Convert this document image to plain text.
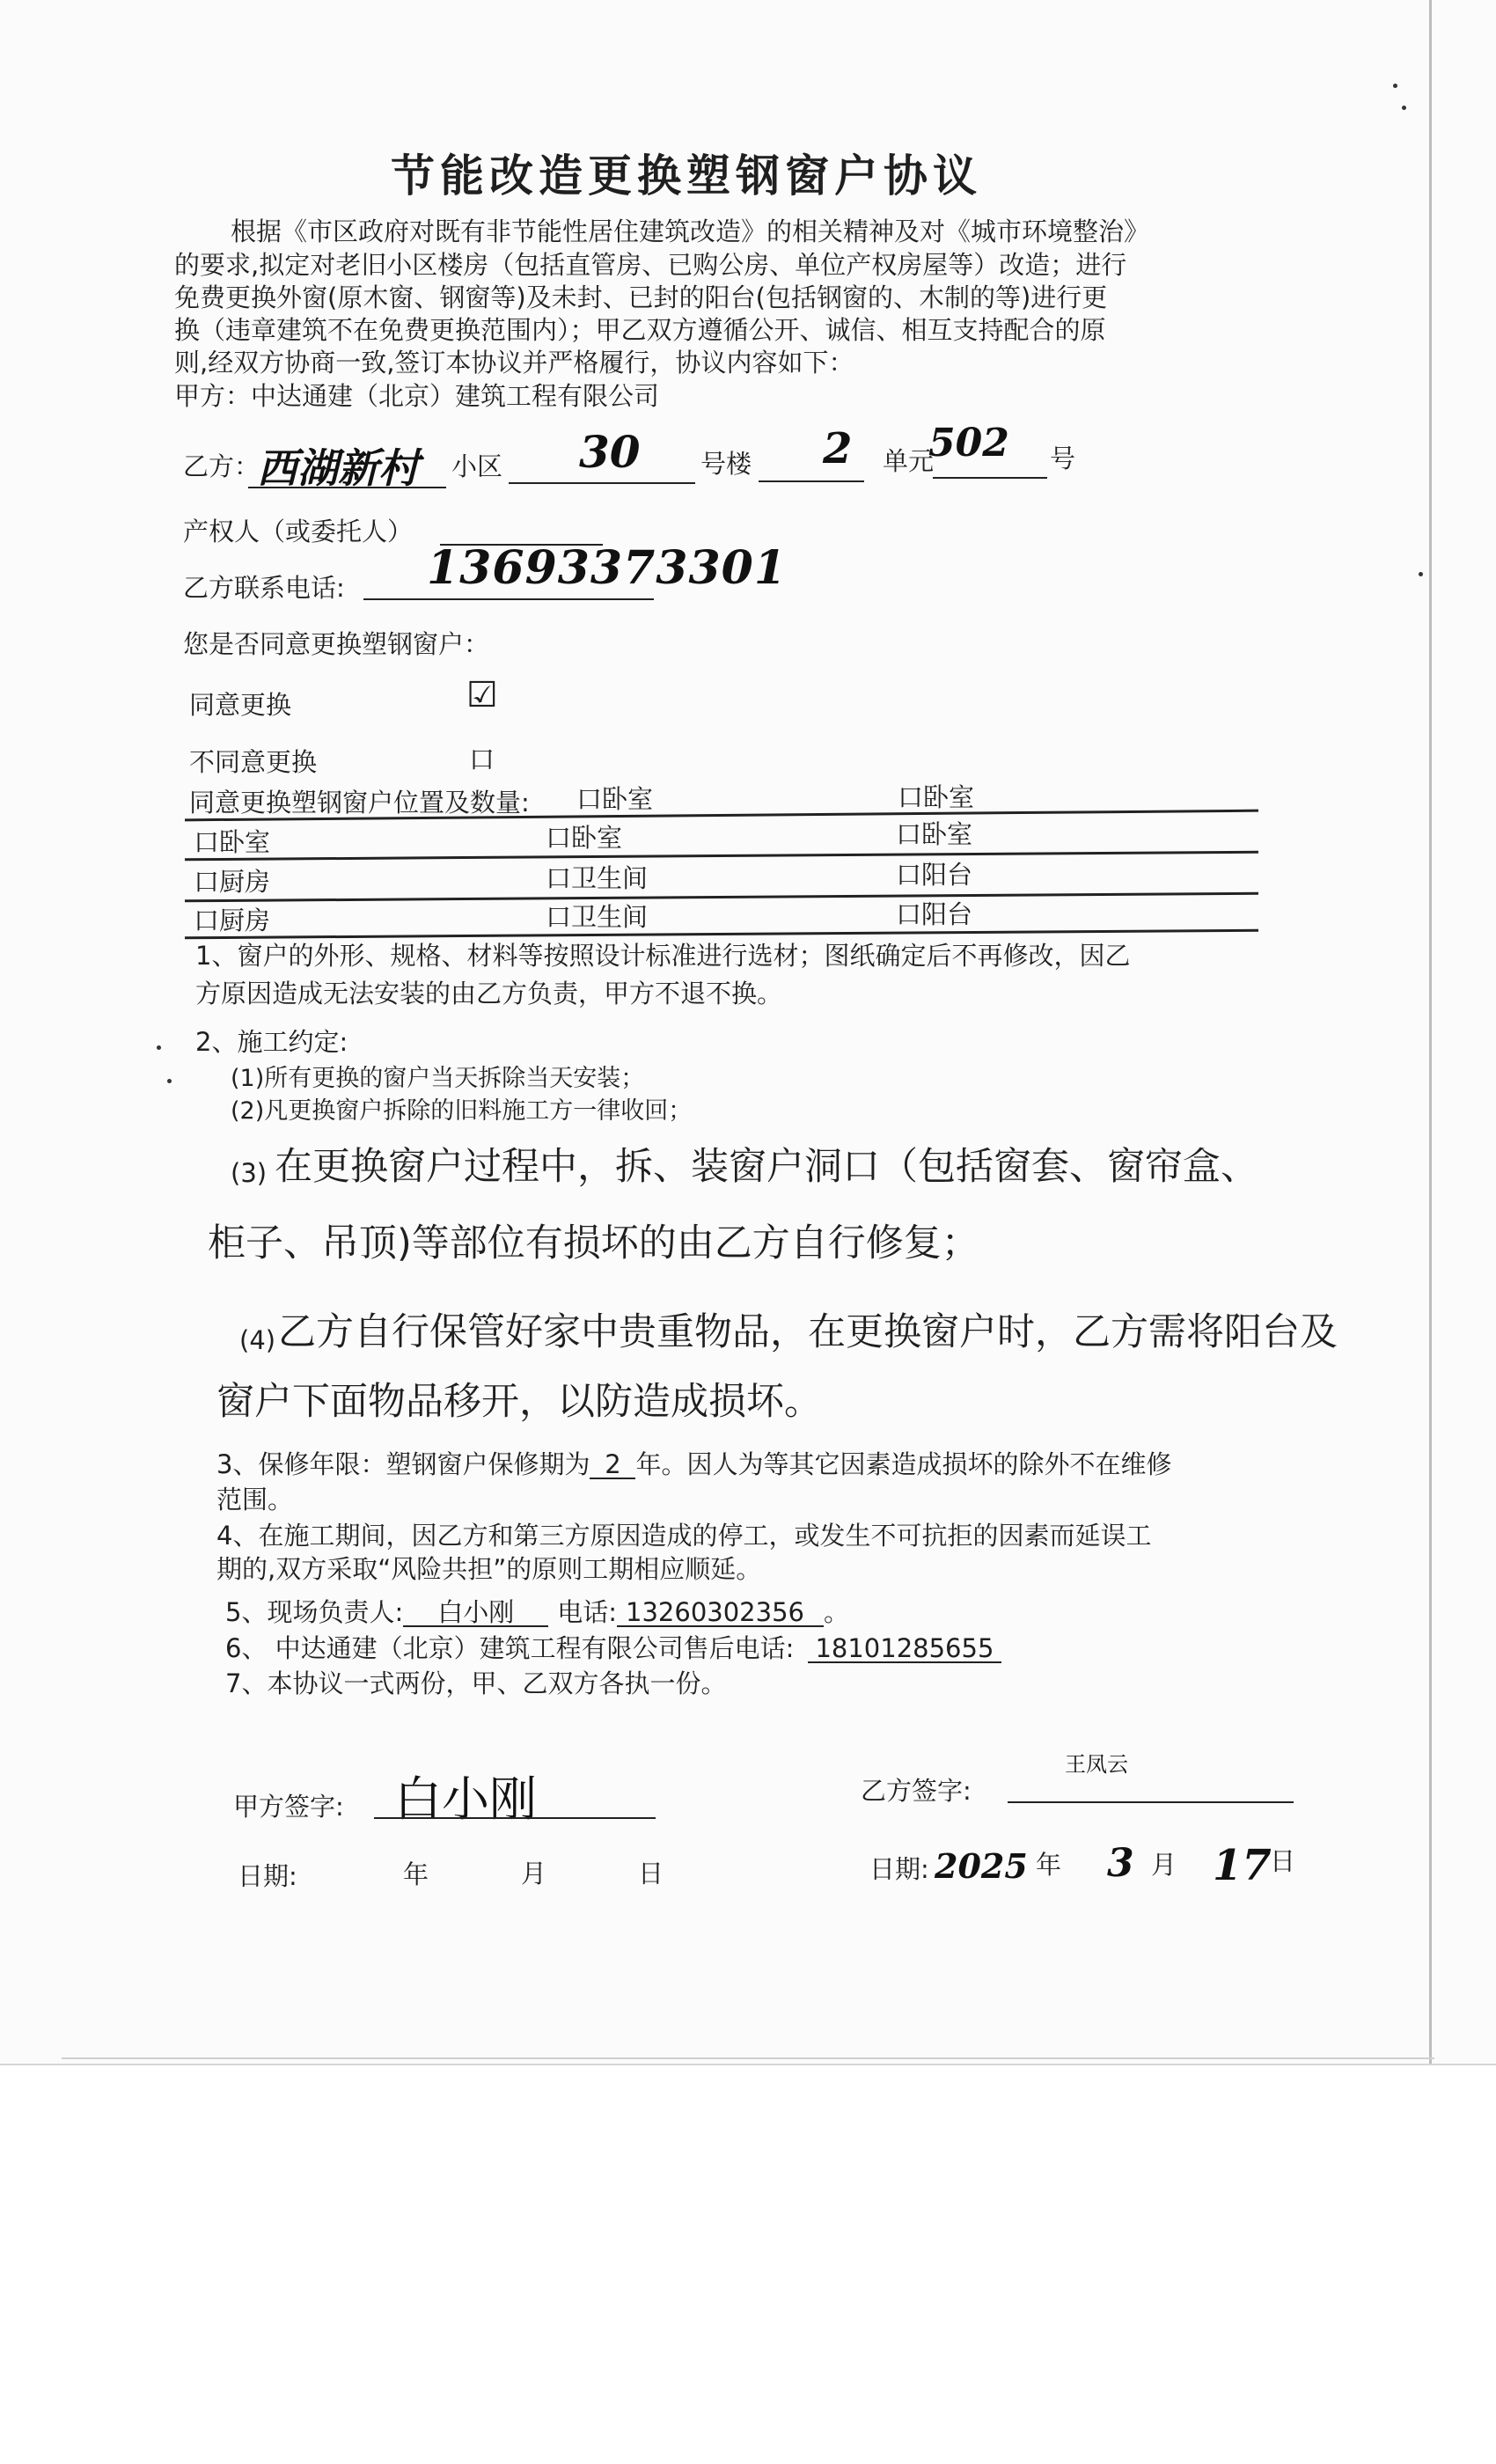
节能改造更换塑钢窗户协议
根据《市区政府对既有非节能性居住建筑改造》的相关精神及对《城市环境整治》
的要求,拟定对老旧小区楼房（包括直管房、已购公房、单位产权房屋等）改造；进行
免费更换外窗(原木窗、钢窗等)及未封、已封的阳台(包括钢窗的、木制的等)进行更
换（违章建筑不在免费更换范围内）；甲乙双方遵循公开、诚信、相互支持配合的原
则,经双方协商一致,签订本协议并严格履行，协议内容如下：
甲方：中达通建（北京）建筑工程有限公司
乙方：
西湖新村 小区 30 号楼 2 单元
502 号
产权人（或委托人）
乙方联系电话: 13693373301
您是否同意更换塑钢窗户：
同意更换	☑
不同意更换	口
同意更换塑钢窗户位置及数量: 口卧室	口卧室
口卧室	口卧室	口卧室
口厨房	口卫生间	口阳台
口厨房	口卫生间	口阳台
1、窗户的外形、规格、材料等按照设计标准进行选材；图纸确定后不再修改，因乙
方原因造成无法安装的由乙方负责，甲方不退不换。
2、施工约定:
(1)所有更换的窗户当天拆除当天安装；
(2)凡更换窗户拆除的旧料施工方一律收回；
(3) 在更换窗户过程中，拆、装窗户洞口（包括窗套、窗帘盒、
柜子、吊顶)等部位有损坏的由乙方自行修复；
(4) 乙方自行保管好家中贵重物品，在更换窗户时，乙方需将阳台及
窗户下面物品移开，以防造成损坏。
3、保修年限：塑钢窗户保修期为 2 年。因人为等其它因素造成损坏的除外不在维修
范围。
4、在施工期间，因乙方和第三方原因造成的停工，或发生不可抗拒的因素而延误工
期的,双方采取“风险共担”的原则工期相应顺延。
5、现场负责人: 白小刚 电话: 13260302356 。
6、 中达通建（北京）建筑工程有限公司售后电话: 18101285655
7、本协议一式两份，甲、乙双方各执一份。
甲方签字: 白小刚	乙方签字:
王凤云
日期:	年	月	日	日期: 2025 年 3 月 17
日
